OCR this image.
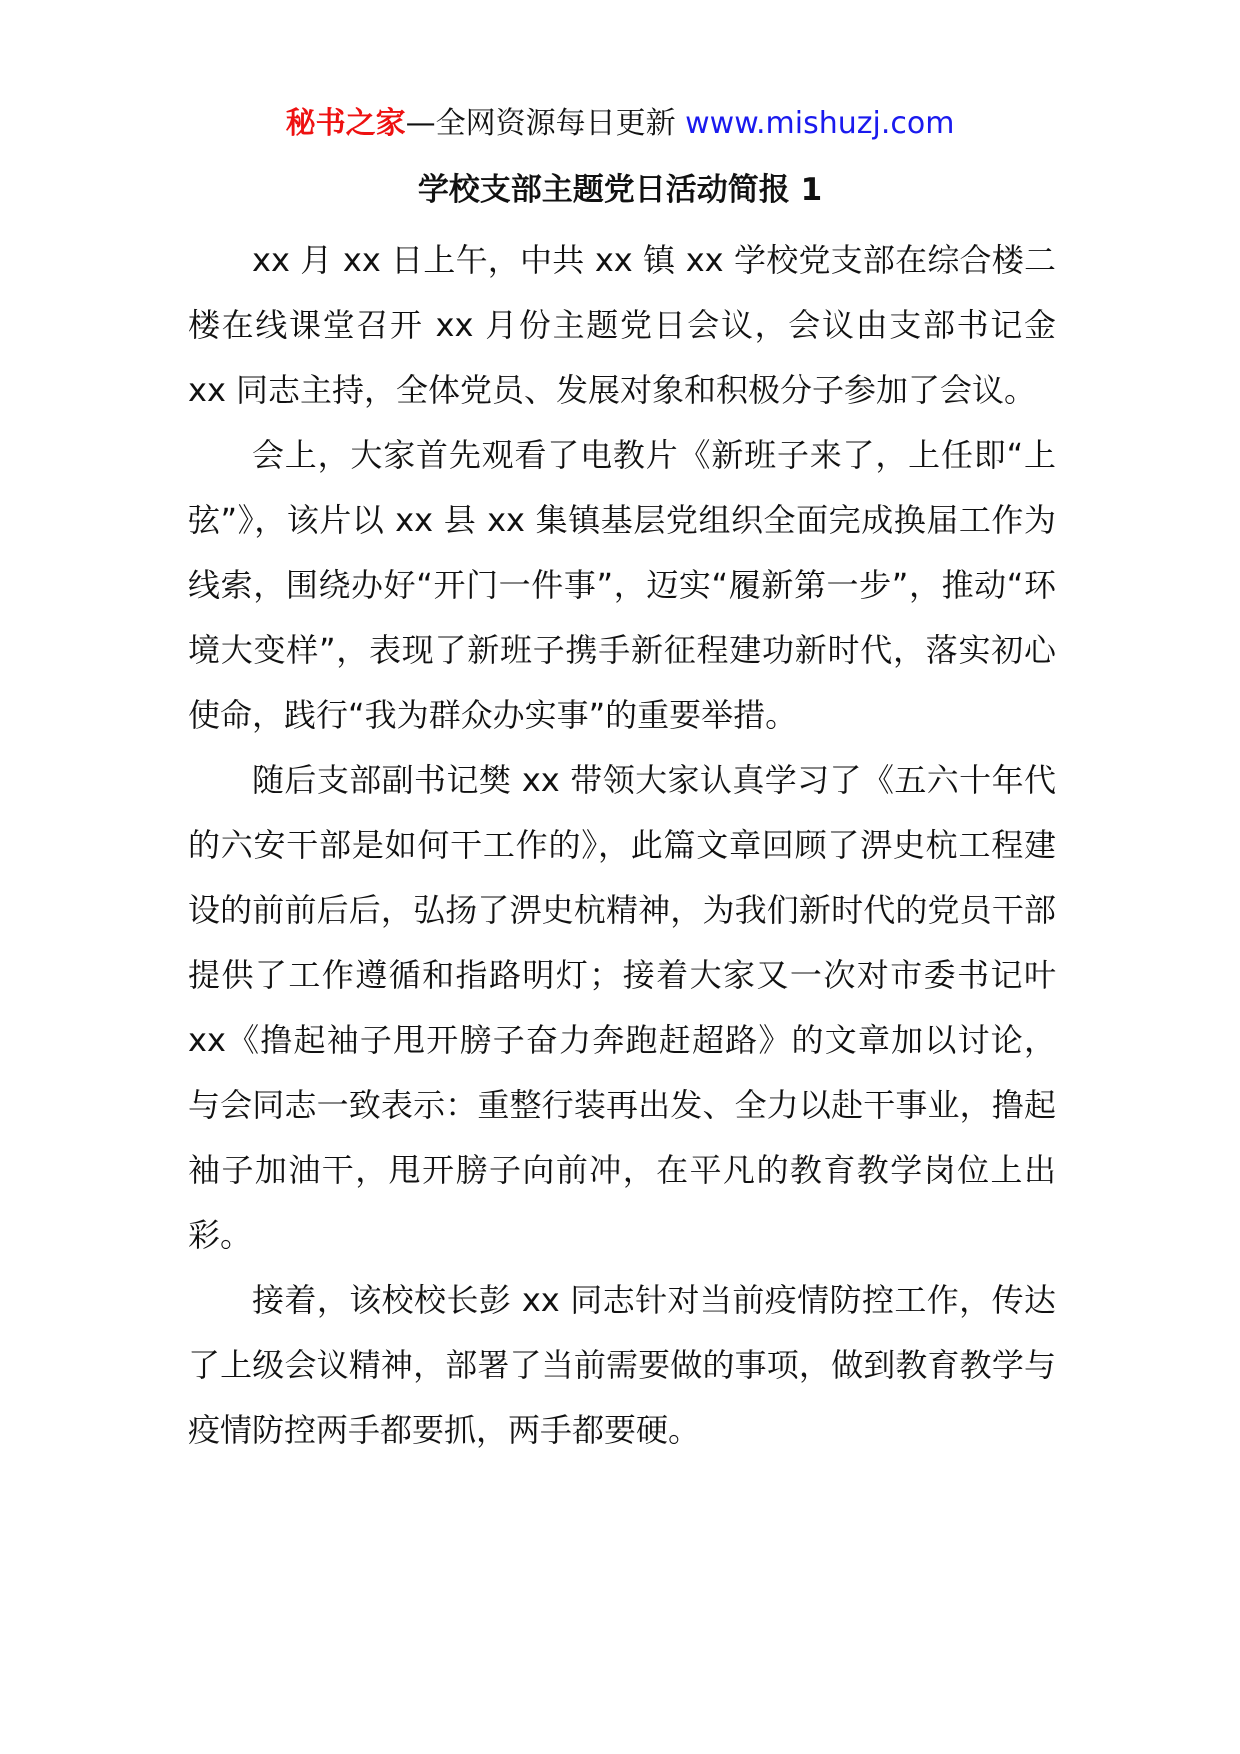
秘书之家—全网资源每日更新 www.mishuzj.com
学校支部主题党日活动简报 1

xx 月 xx 日上午，中共 xx 镇 xx 学校党支部在综合楼二楼在线课堂召开 xx 月份主题党日会议，会议由支部书记金 xx 同志主持，全体党员、发展对象和积极分子参加了会议。

会上，大家首先观看了电教片《新班子来了，上任即“上弦”》，该片以 xx 县 xx 集镇基层党组织全面完成换届工作为线索，围绕办好“开门一件事”，迈实“履新第一步”，推动“环境大变样”，表现了新班子携手新征程建功新时代，落实初心使命，践行“我为群众办实事”的重要举措。

随后支部副书记樊 xx 带领大家认真学习了《五六十年代的六安干部是如何干工作的》，此篇文章回顾了淠史杭工程建设的前前后后，弘扬了淠史杭精神，为我们新时代的党员干部提供了工作遵循和指路明灯；接着大家又一次对市委书记叶 xx《撸起袖子甩开膀子奋力奔跑赶超路》的文章加以讨论，与会同志一致表示：重整行装再出发、全力以赴干事业，撸起袖子加油干，甩开膀子向前冲，在平凡的教育教学岗位上出彩。

接着，该校校长彭 xx 同志针对当前疫情防控工作，传达了上级会议精神，部署了当前需要做的事项，做到教育教学与疫情防控两手都要抓，两手都要硬。
